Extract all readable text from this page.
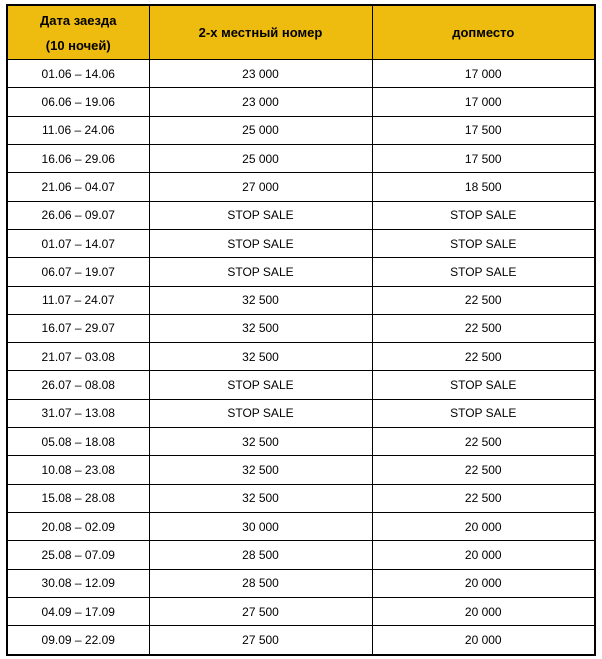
Дата заезда
(10 ночей)	2-х местный номер	допместо
01.06 – 14.06	23 000	17 000
06.06 – 19.06	23 000	17 000
11.06 – 24.06	25 000	17 500
16.06 – 29.06	25 000	17 500
21.06 – 04.07	27 000	18 500
26.06 – 09.07	STOP SALE	STOP SALE
01.07 – 14.07	STOP SALE	STOP SALE
06.07 – 19.07	STOP SALE	STOP SALE
11.07 – 24.07	32 500	22 500
16.07 – 29.07	32 500	22 500
21.07 – 03.08	32 500	22 500
26.07 – 08.08	STOP SALE	STOP SALE
31.07 – 13.08	STOP SALE	STOP SALE
05.08 – 18.08	32 500	22 500
10.08 – 23.08	32 500	22 500
15.08 – 28.08	32 500	22 500
20.08 – 02.09	30 000	20 000
25.08 – 07.09	28 500	20 000
30.08 – 12.09	28 500	20 000
04.09 – 17.09	27 500	20 000
09.09 – 22.09	27 500	20 000
